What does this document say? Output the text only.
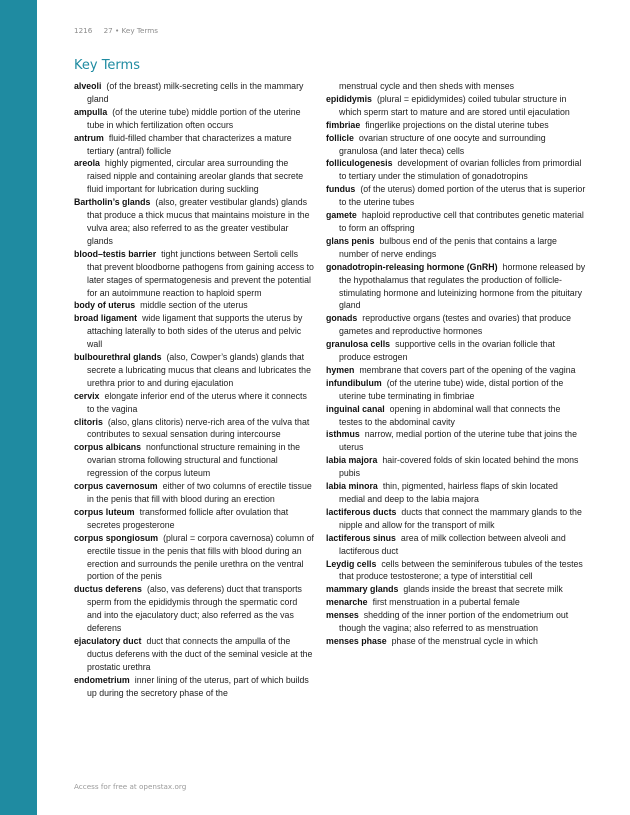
1216 27 • Key Terms
Key Terms

alveoli (of the breast) milk-secreting cells in the mammary gland

ampulla (of the uterine tube) middle portion of the uterine tube in which fertilization often occurs

antrum fluid-filled chamber that characterizes a mature tertiary (antral) follicle

areola highly pigmented, circular area surrounding the raised nipple and containing areolar glands that secrete fluid important for lubrication during suckling

Bartholin’s glands (also, greater vestibular glands) glands that produce a thick mucus that maintains moisture in the vulva area; also referred to as the greater vestibular glands

blood–testis barrier tight junctions between Sertoli cells that prevent bloodborne pathogens from gaining access to later stages of spermatogenesis and prevent the potential for an autoimmune reaction to haploid sperm

body of uterus middle section of the uterus

broad ligament wide ligament that supports the uterus by attaching laterally to both sides of the uterus and pelvic wall

bulbourethral glands (also, Cowper’s glands) glands that secrete a lubricating mucus that cleans and lubricates the urethra prior to and during ejaculation

cervix elongate inferior end of the uterus where it connects to the vagina

clitoris (also, glans clitoris) nerve-rich area of the vulva that contributes to sexual sensation during intercourse

corpus albicans nonfunctional structure remaining in the ovarian stroma following structural and functional regression of the corpus luteum

corpus cavernosum either of two columns of erectile tissue in the penis that fill with blood during an erection

corpus luteum transformed follicle after ovulation that secretes progesterone

corpus spongiosum (plural = corpora cavernosa) column of erectile tissue in the penis that fills with blood during an erection and surrounds the penile urethra on the ventral portion of the penis

ductus deferens (also, vas deferens) duct that transports sperm from the epididymis through the spermatic cord and into the ejaculatory duct; also referred as the vas deferens

ejaculatory duct duct that connects the ampulla of the ductus deferens with the duct of the seminal vesicle at the prostatic urethra

endometrium inner lining of the uterus, part of which builds up during the secretory phase of the

menstrual cycle and then sheds with menses

epididymis (plural = epididymides) coiled tubular structure in which sperm start to mature and are stored until ejaculation

fimbriae fingerlike projections on the distal uterine tubes

follicle ovarian structure of one oocyte and surrounding granulosa (and later theca) cells

folliculogenesis development of ovarian follicles from primordial to tertiary under the stimulation of gonadotropins

fundus (of the uterus) domed portion of the uterus that is superior to the uterine tubes

gamete haploid reproductive cell that contributes genetic material to form an offspring

glans penis bulbous end of the penis that contains a large number of nerve endings

gonadotropin-releasing hormone (GnRH) hormone released by the hypothalamus that regulates the production of follicle-stimulating hormone and luteinizing hormone from the pituitary gland

gonads reproductive organs (testes and ovaries) that produce gametes and reproductive hormones

granulosa cells supportive cells in the ovarian follicle that produce estrogen

hymen membrane that covers part of the opening of the vagina

infundibulum (of the uterine tube) wide, distal portion of the uterine tube terminating in fimbriae

inguinal canal opening in abdominal wall that connects the testes to the abdominal cavity

isthmus narrow, medial portion of the uterine tube that joins the uterus

labia majora hair-covered folds of skin located behind the mons pubis

labia minora thin, pigmented, hairless flaps of skin located medial and deep to the labia majora

lactiferous ducts ducts that connect the mammary glands to the nipple and allow for the transport of milk

lactiferous sinus area of milk collection between alveoli and lactiferous duct

Leydig cells cells between the seminiferous tubules of the testes that produce testosterone; a type of interstitial cell

mammary glands glands inside the breast that secrete milk

menarche first menstruation in a pubertal female

menses shedding of the inner portion of the endometrium out though the vagina; also referred to as menstruation

menses phase phase of the menstrual cycle in which

Access for free at openstax.org
